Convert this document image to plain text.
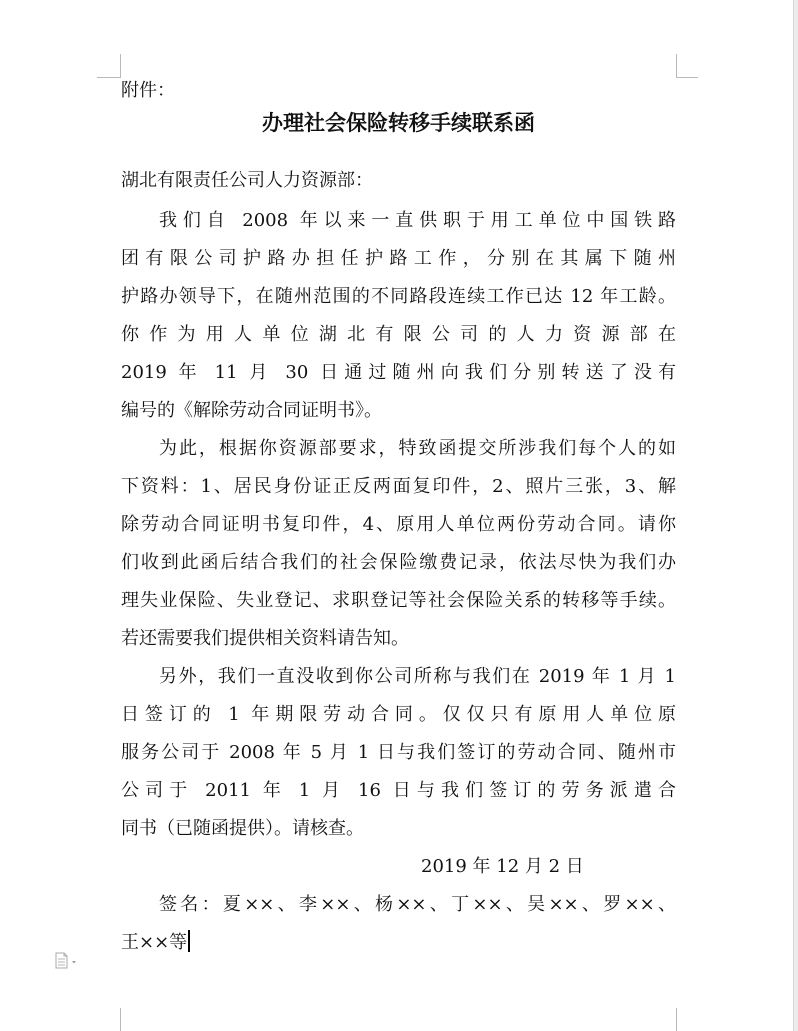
附件：
办理社会保险转移手续联系函
湖北有限责任公司人力资源部：
我们自 2008 年以来一直供职于用工单位中国铁路
团有限公司护路办担任护路工作，分别在其属下随州
护路办领导下，在随州范围的不同路段连续工作已达 12 年工龄。
你作为用人单位湖北有限公司的人力资源部在
2019 年 11 月 30 日通过随州向我们分别转送了没有
编号的《解除劳动合同证明书》。
为此，根据你资源部要求，特致函提交所涉我们每个人的如
下资料：1、居民身份证正反两面复印件，2、照片三张，3、解
除劳动合同证明书复印件，4、原用人单位两份劳动合同。请你
们收到此函后结合我们的社会保险缴费记录，依法尽快为我们办
理失业保险、失业登记、求职登记等社会保险关系的转移等手续。
若还需要我们提供相关资料请告知。
另外，我们一直没收到你公司所称与我们在 2019 年 1 月 1
日签订的 1 年期限劳动合同。仅仅只有原用人单位原
服务公司于 2008 年 5 月 1 日与我们签订的劳动合同、随州市
公司于 2011 年 1 月 16 日与我们签订的劳务派遣合
同书（已随函提供）。请核查。
2019 年 12 月 2 日
签名：夏××、李××、杨××、丁××、吴××、罗××、
王××等
